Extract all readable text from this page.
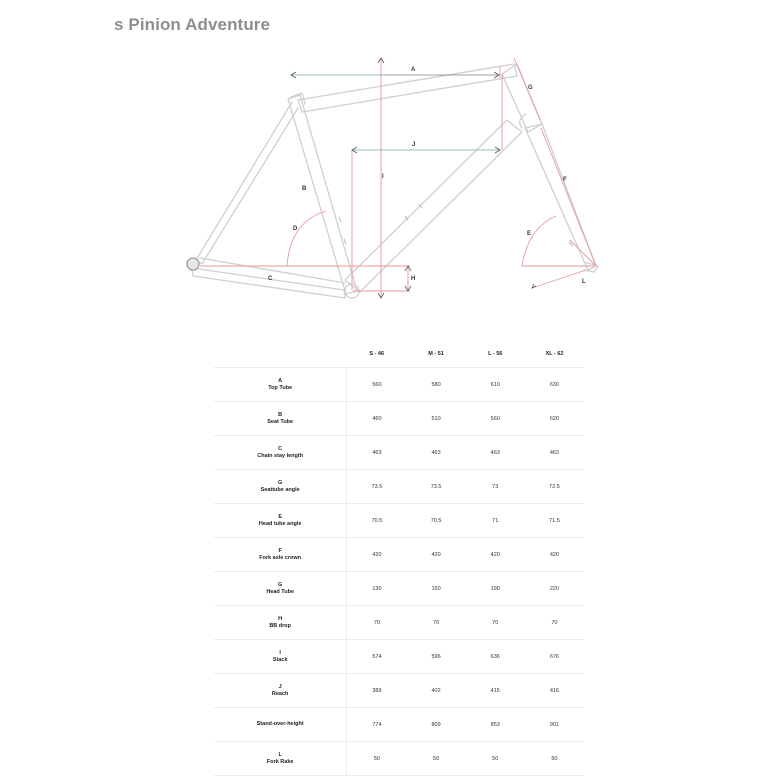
s Pinion Adventure
A
B
C
D
E
F
G
H
I
J
L
	S - 46	M - 51	L - 56	XL - 62
A
Top Tube	560	580	610	630
B
Seat Tube	460	510	560	620
C
Chain stay length	463	463	463	463
G
Seattube angle	73.5	73.5	73	72.5
E
Head tube angle	70.5	70.5	71	71.5
F
Fork axle crown	420	420	420	420
G
Head Tube	130	150	190	220
H
BB drop	70	70	70	70
I
Stack	574	596	636	676
J
Reach	389	402	415	416
Stand-over-height	774	809	853	901
L
Fork Rake	50	50	50	50
